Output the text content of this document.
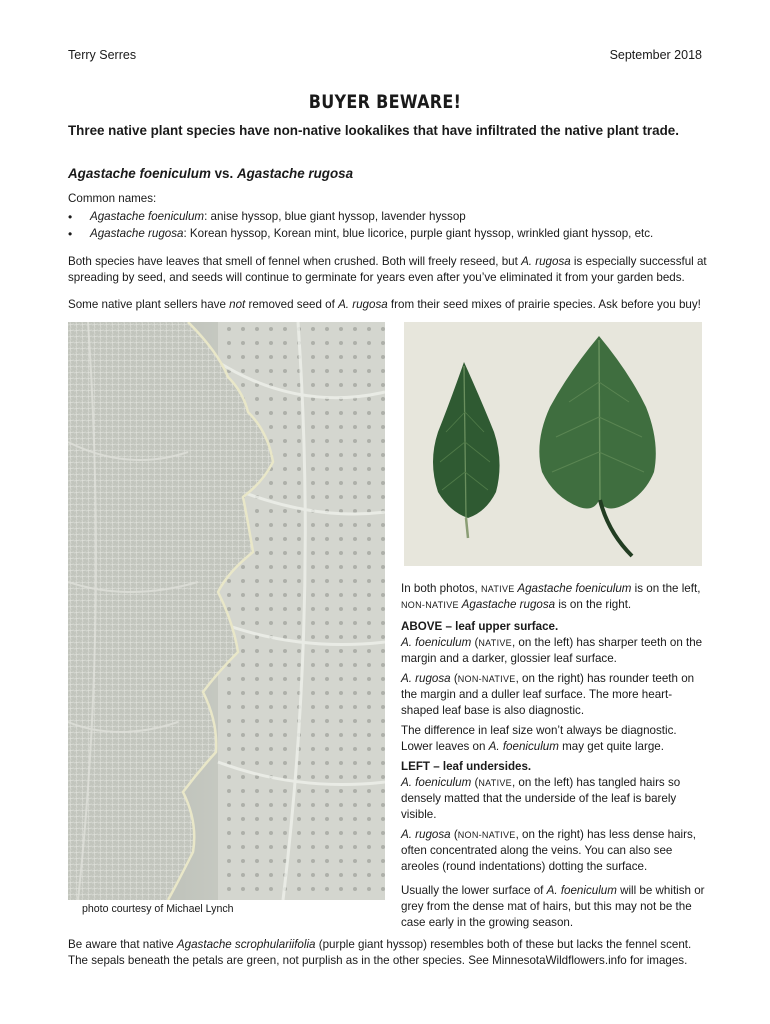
Terry Serres	September 2018
BUYER BEWARE!
Three native plant species have non-native lookalikes that have infiltrated the native plant trade.
Agastache foeniculum vs. Agastache rugosa
Common names:
• Agastache foeniculum: anise hyssop, blue giant hyssop, lavender hyssop
• Agastache rugosa: Korean hyssop, Korean mint, blue licorice, purple giant hyssop, wrinkled giant hyssop, etc.
Both species have leaves that smell of fennel when crushed. Both will freely reseed, but A. rugosa is especially successful at spreading by seed, and seeds will continue to germinate for years even after you’ve eliminated it from your garden beds.
Some native plant sellers have not removed seed of A. rugosa from their seed mixes of prairie species. Ask before you buy!
photo courtesy of Michael Lynch

In both photos, NATIVE Agastache foeniculum is on the left, NON-NATIVE Agastache rugosa is on the right.

ABOVE – leaf upper surface.
A. foeniculum (NATIVE, on the left) has sharper teeth on the margin and a darker, glossier leaf surface.

A. rugosa (NON-NATIVE, on the right) has rounder teeth on the margin and a duller leaf surface. The more heart-shaped leaf base is also diagnostic.

The difference in leaf size won’t always be diagnostic. Lower leaves on A. foeniculum may get quite large.

LEFT – leaf undersides.
A. foeniculum (NATIVE, on the left) has tangled hairs so densely matted that the underside of the leaf is barely visible.

A. rugosa (NON-NATIVE, on the right) has less dense hairs, often concentrated along the veins. You can also see areoles (round indentations) dotting the surface.

Usually the lower surface of A. foeniculum will be whitish or grey from the dense mat of hairs, but this may not be the case early in the growing season.

Be aware that native Agastache scrophulariifolia (purple giant hyssop) resembles both of these but lacks the fennel scent. The sepals beneath the petals are green, not purplish as in the other species. See MinnesotaWildflowers.info for images.
